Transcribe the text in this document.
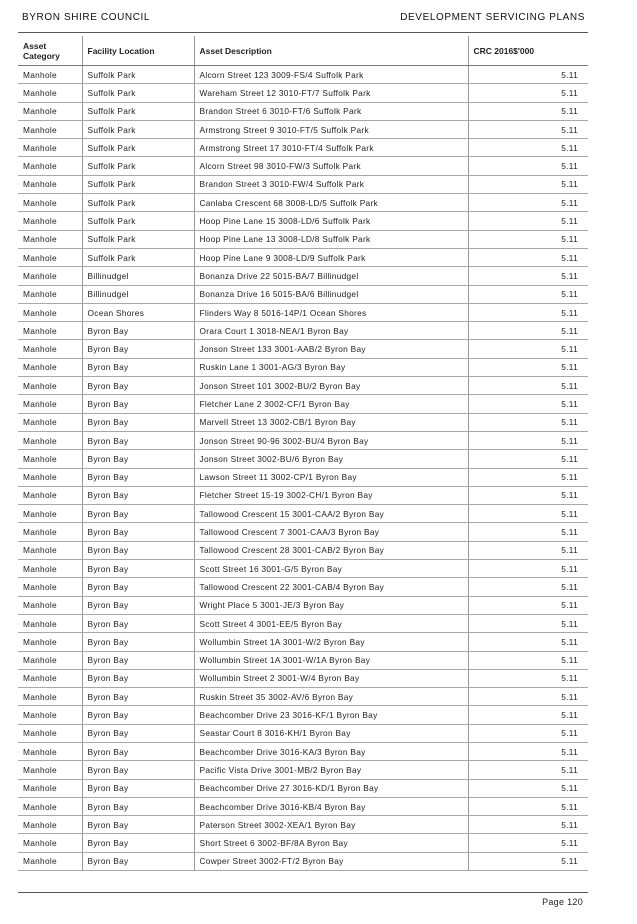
BYRON SHIRE COUNCIL	DEVELOPMENT SERVICING PLANS
Asset Category	Facility Location	Asset Description	CRC 2016$'000
Manhole	Suffolk Park	Alcorn Street 123 3009-FS/4 Suffolk Park	5.11
Manhole	Suffolk Park	Wareham Street 12 3010-FT/7 Suffolk Park	5.11
Manhole	Suffolk Park	Brandon Street 6 3010-FT/6 Suffolk Park	5.11
Manhole	Suffolk Park	Armstrong Street 9 3010-FT/5 Suffolk Park	5.11
Manhole	Suffolk Park	Armstrong Street 17 3010-FT/4 Suffolk Park	5.11
Manhole	Suffolk Park	Alcorn Street 98 3010-FW/3 Suffolk Park	5.11
Manhole	Suffolk Park	Brandon Street 3 3010-FW/4 Suffolk Park	5.11
Manhole	Suffolk Park	Canlaba Crescent 68 3008-LD/5 Suffolk Park	5.11
Manhole	Suffolk Park	Hoop Pine Lane 15 3008-LD/6 Suffolk Park	5.11
Manhole	Suffolk Park	Hoop Pine Lane 13 3008-LD/8 Suffolk Park	5.11
Manhole	Suffolk Park	Hoop Pine Lane 9 3008-LD/9 Suffolk Park	5.11
Manhole	Billinudgel	Bonanza Drive 22 5015-BA/7 Billinudgel	5.11
Manhole	Billinudgel	Bonanza Drive 16 5015-BA/6 Billinudgel	5.11
Manhole	Ocean Shores	Flinders Way 8 5016-14P/1 Ocean Shores	5.11
Manhole	Byron Bay	Orara Court 1 3018-NEA/1 Byron Bay	5.11
Manhole	Byron Bay	Jonson Street 133 3001-AAB/2 Byron Bay	5.11
Manhole	Byron Bay	Ruskin Lane 1 3001-AG/3 Byron Bay	5.11
Manhole	Byron Bay	Jonson Street 101 3002-BU/2 Byron Bay	5.11
Manhole	Byron Bay	Fletcher Lane 2 3002-CF/1 Byron Bay	5.11
Manhole	Byron Bay	Marvell Street 13 3002-CB/1 Byron Bay	5.11
Manhole	Byron Bay	Jonson Street 90-96 3002-BU/4 Byron Bay	5.11
Manhole	Byron Bay	Jonson Street 3002-BU/6 Byron Bay	5.11
Manhole	Byron Bay	Lawson Street 11 3002-CP/1 Byron Bay	5.11
Manhole	Byron Bay	Fletcher Street 15-19 3002-CH/1 Byron Bay	5.11
Manhole	Byron Bay	Tallowood Crescent 15 3001-CAA/2 Byron Bay	5.11
Manhole	Byron Bay	Tallowood Crescent 7 3001-CAA/3 Byron Bay	5.11
Manhole	Byron Bay	Tallowood Crescent 28 3001-CAB/2 Byron Bay	5.11
Manhole	Byron Bay	Scott Street 16 3001-G/5 Byron Bay	5.11
Manhole	Byron Bay	Tallowood Crescent 22 3001-CAB/4 Byron Bay	5.11
Manhole	Byron Bay	Wright Place 5 3001-JE/3 Byron Bay	5.11
Manhole	Byron Bay	Scott Street 4 3001-EE/5 Byron Bay	5.11
Manhole	Byron Bay	Wollumbin Street 1A 3001-W/2 Byron Bay	5.11
Manhole	Byron Bay	Wollumbin Street 1A 3001-W/1A Byron Bay	5.11
Manhole	Byron Bay	Wollumbin Street 2 3001-W/4 Byron Bay	5.11
Manhole	Byron Bay	Ruskin Street 35 3002-AV/6 Byron Bay	5.11
Manhole	Byron Bay	Beachcomber Drive 23 3016-KF/1 Byron Bay	5.11
Manhole	Byron Bay	Seastar Court 8 3016-KH/1 Byron Bay	5.11
Manhole	Byron Bay	Beachcomber Drive 3016-KA/3 Byron Bay	5.11
Manhole	Byron Bay	Pacific Vista Drive 3001-MB/2 Byron Bay	5.11
Manhole	Byron Bay	Beachcomber Drive 27 3016-KD/1 Byron Bay	5.11
Manhole	Byron Bay	Beachcomber Drive 3016-KB/4 Byron Bay	5.11
Manhole	Byron Bay	Paterson Street 3002-XEA/1 Byron Bay	5.11
Manhole	Byron Bay	Short Street 6 3002-BF/8A Byron Bay	5.11
Manhole	Byron Bay	Cowper Street 3002-FT/2 Byron Bay	5.11
Page 120
